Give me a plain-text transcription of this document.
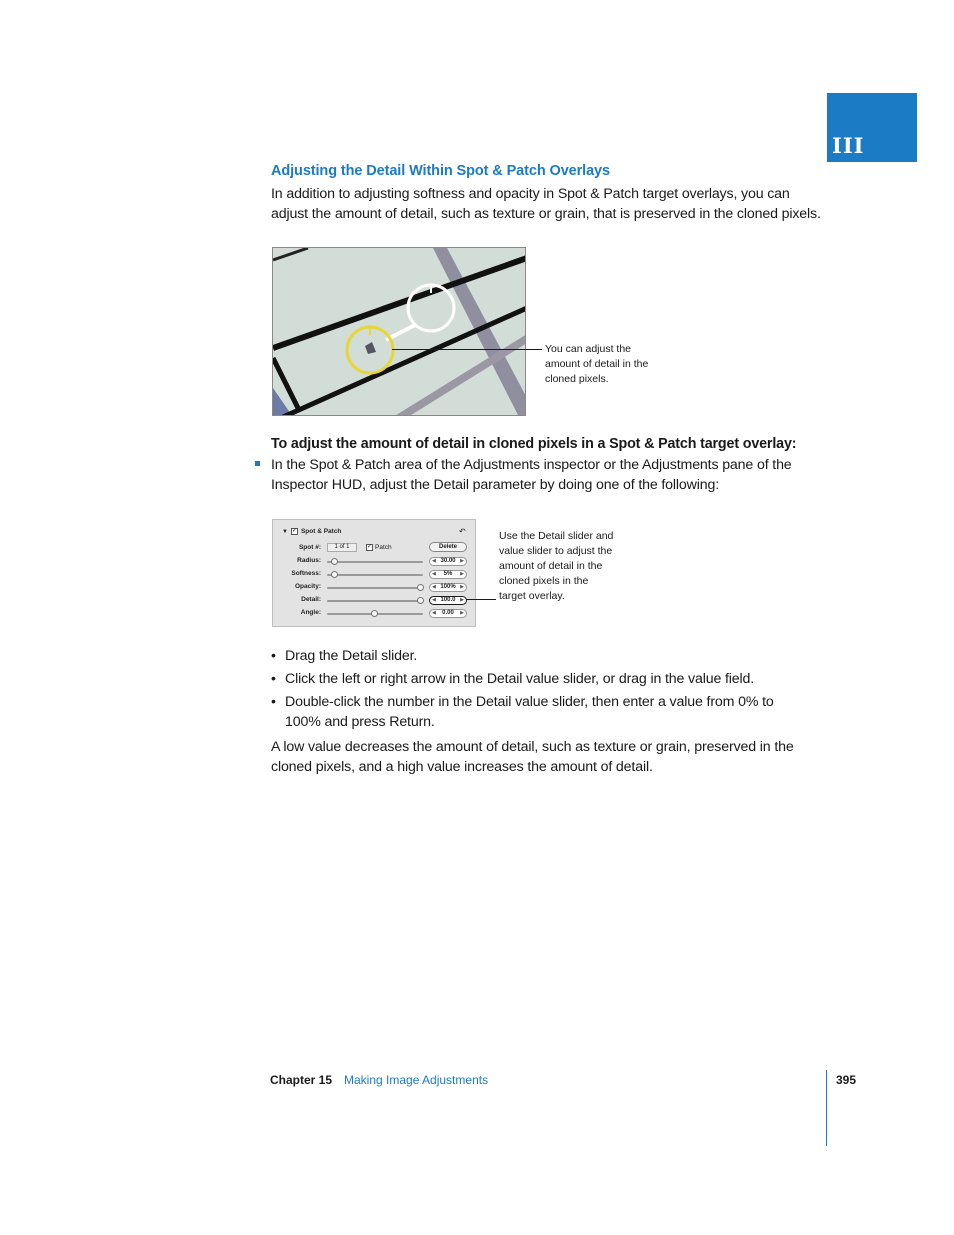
III
Adjusting the Detail Within Spot & Patch Overlays
In addition to adjusting softness and opacity in Spot & Patch target overlays, you can
adjust the amount of detail, such as texture or grain, that is preserved in the cloned pixels.
You can adjust the
amount of detail in the
cloned pixels.
To adjust the amount of detail in cloned pixels in a Spot & Patch target overlay:
In the Spot & Patch area of the Adjustments inspector or the Adjustments pane of the
Inspector HUD, adjust the Detail parameter by doing one of the following:
▼ ✓ Spot & Patch	↶
Spot #:	1 of 1	✓ Patch	Delete
Radius:	◀ 30.00 ▶
Softness:	◀ 5% ▶
Opacity:	◀ 100% ▶
Detail:	◀ 100.0 ▶
Angle:	◀ 0.00 ▶
Use the Detail slider and
value slider to adjust the
amount of detail in the
cloned pixels in the
target overlay.
• Drag the Detail slider.
• Click the left or right arrow in the Detail value slider, or drag in the value field.
• Double-click the number in the Detail value slider, then enter a value from 0% to 100% and press Return.
A low value decreases the amount of detail, such as texture or grain, preserved in the
cloned pixels, and a high value increases the amount of detail.
Chapter 15 Making Image Adjustments	395
